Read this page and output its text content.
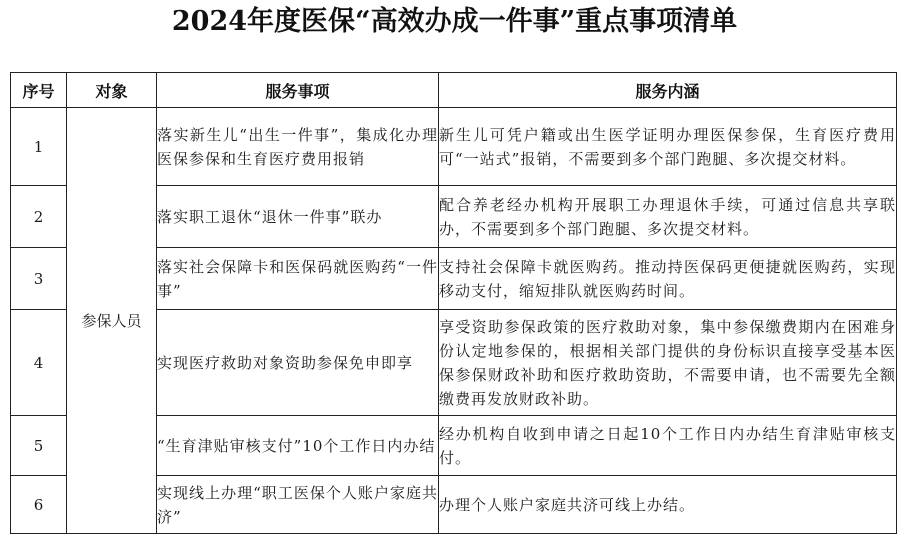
2024年度医保“高效办成一件事”重点事项清单
序号	对象	服务事项	服务内涵
1	参保人员	落实新生儿“出生一件事”，集成化办理医保参保和生育医疗费用报销	新生儿可凭户籍或出生医学证明办理医保参保，生育医疗费用可“一站式”报销，不需要到多个部门跑腿、多次提交材料。

2		落实职工退休“退休一件事”联办	配合养老经办机构开展职工办理退休手续，可通过信息共享联办，不需要到多个部门跑腿、多次提交材料。

3		落实社会保障卡和医保码就医购药“一件事”	支持社会保障卡就医购药。推动持医保码更便捷就医购药，实现移动支付，缩短排队就医购药时间。

4		实现医疗救助对象资助参保免申即享	享受资助参保政策的医疗救助对象，集中参保缴费期内在困难身份认定地参保的，根据相关部门提供的身份标识直接享受基本医保参保财政补助和医疗救助资助，不需要申请，也不需要先全额缴费再发放财政补助。

5		“生育津贴审核支付”10个工作日内办结	经办机构自收到申请之日起10个工作日内办结生育津贴审核支付。

6		实现线上办理“职工医保个人账户家庭共济”	办理个人账户家庭共济可线上办结。
